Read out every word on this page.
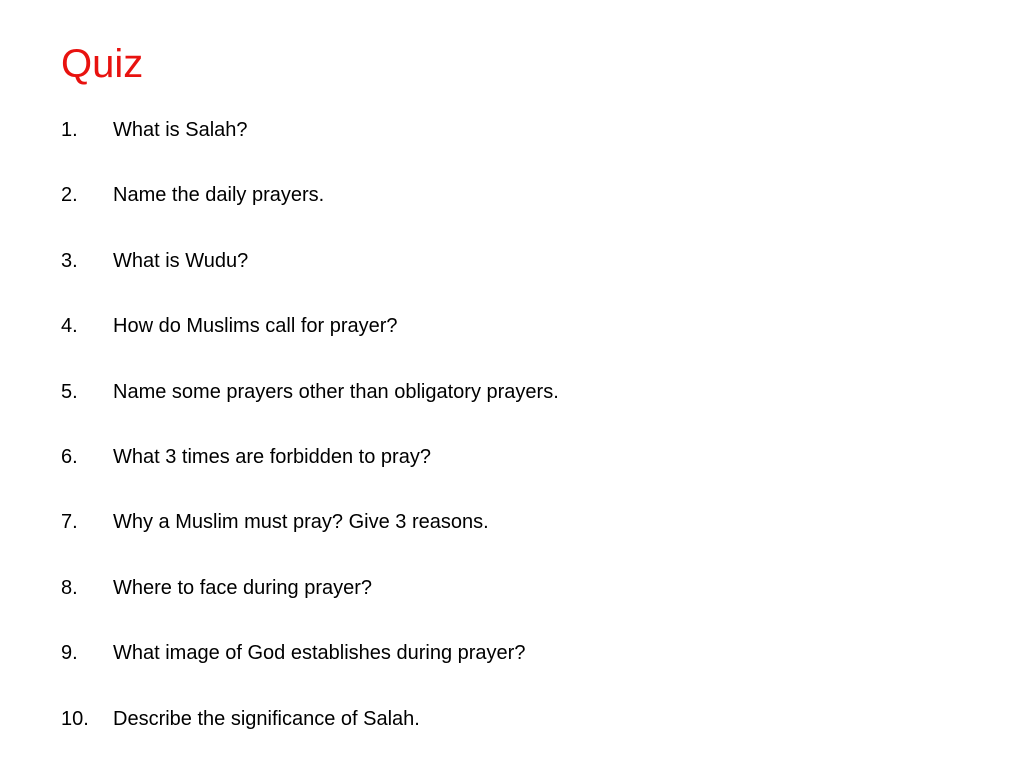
Quiz
1.	What is Salah?
2.	Name the daily prayers.
3.	What is Wudu?
4.	How do Muslims call for prayer?
5.	Name some prayers other than obligatory prayers.
6.	What 3 times are forbidden to pray?
7.	Why a Muslim must pray? Give 3 reasons.
8.	Where to face during prayer?
9.	What image of God establishes during prayer?
10.	Describe the significance of Salah.
